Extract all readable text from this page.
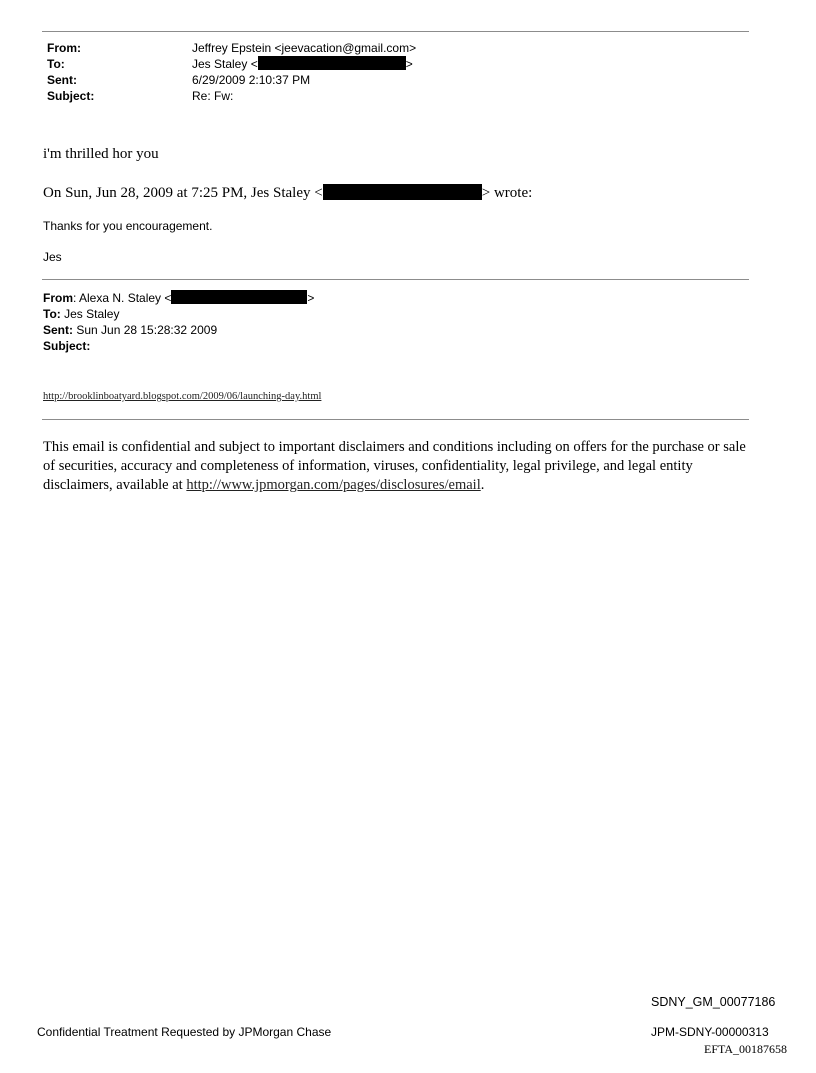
From:	Jeffrey Epstein <jeevacation@gmail.com>
To:	Jes Staley <	>
Sent:	6/29/2009 2:10:37 PM
Subject:	Re: Fw:
i'm thrilled hor you
On Sun, Jun 28, 2009 at 7:25 PM, Jes Staley <	> wrote:
Thanks for you encouragement.
Jes
From: Alexa N. Staley <	>
To: Jes Staley
Sent: Sun Jun 28 15:28:32 2009
Subject:
http://brooklinboatyard.blogspot.com/2009/06/launching-day.html
This email is confidential and subject to important disclaimers and conditions including on offers for the purchase or sale of securities, accuracy and completeness of information, viruses, confidentiality, legal privilege, and legal entity disclaimers, available at http://www.jpmorgan.com/pages/disclosures/email.
SDNY_GM_00077186
Confidential Treatment Requested by JPMorgan Chase	JPM-SDNY-00000313
EFTA_00187658
